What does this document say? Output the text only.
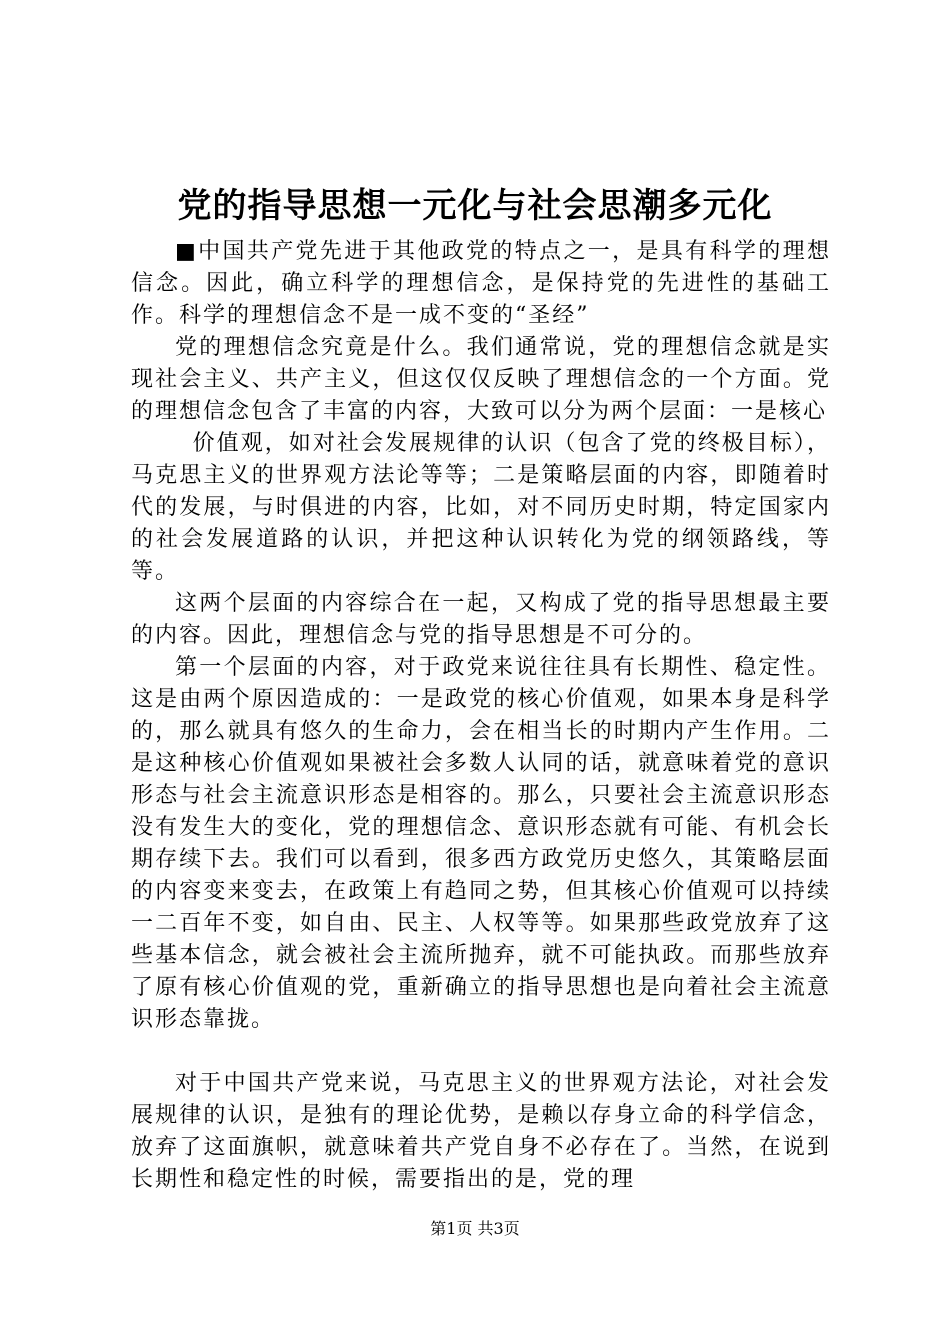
党的指导思想一元化与社会思潮多元化

■中国共产党先进于其他政党的特点之一，是具有科学的理想信念。因此，确立科学的理想信念，是保持党的先进性的基础工作。科学的理想信念不是一成不变的“圣经”

党的理想信念究竟是什么。我们通常说，党的理想信念就是实现社会主义、共产主义，但这仅仅反映了理想信念的一个方面。党的理想信念包含了丰富的内容，大致可以分为两个层面：一是核心

价值观，如对社会发展规律的认识（包含了党的终极目标），马克思主义的世界观方法论等等；二是策略层面的内容，即随着时代的发展，与时俱进的内容，比如，对不同历史时期，特定国家内的社会发展道路的认识，并把这种认识转化为党的纲领路线，等等。

这两个层面的内容综合在一起，又构成了党的指导思想最主要的内容。因此，理想信念与党的指导思想是不可分的。

第一个层面的内容，对于政党来说往往具有长期性、稳定性。这是由两个原因造成的：一是政党的核心价值观，如果本身是科学的，那么就具有悠久的生命力，会在相当长的时期内产生作用。二是这种核心价值观如果被社会多数人认同的话，就意味着党的意识形态与社会主流意识形态是相容的。那么，只要社会主流意识形态没有发生大的变化，党的理想信念、意识形态就有可能、有机会长期存续下去。我们可以看到，很多西方政党历史悠久，其策略层面的内容变来变去，在政策上有趋同之势，但其核心价值观可以持续一二百年不变，如自由、民主、人权等等。如果那些政党放弃了这些基本信念，就会被社会主流所抛弃，就不可能执政。而那些放弃了原有核心价值观的党，重新确立的指导思想也是向着社会主流意识形态靠拢。

对于中国共产党来说，马克思主义的世界观方法论，对社会发展规律的认识，是独有的理论优势，是赖以存身立命的科学信念，放弃了这面旗帜，就意味着共产党自身不必存在了。当然，在说到长期性和稳定性的时候，需要指出的是，党的理

第1页 共3页
